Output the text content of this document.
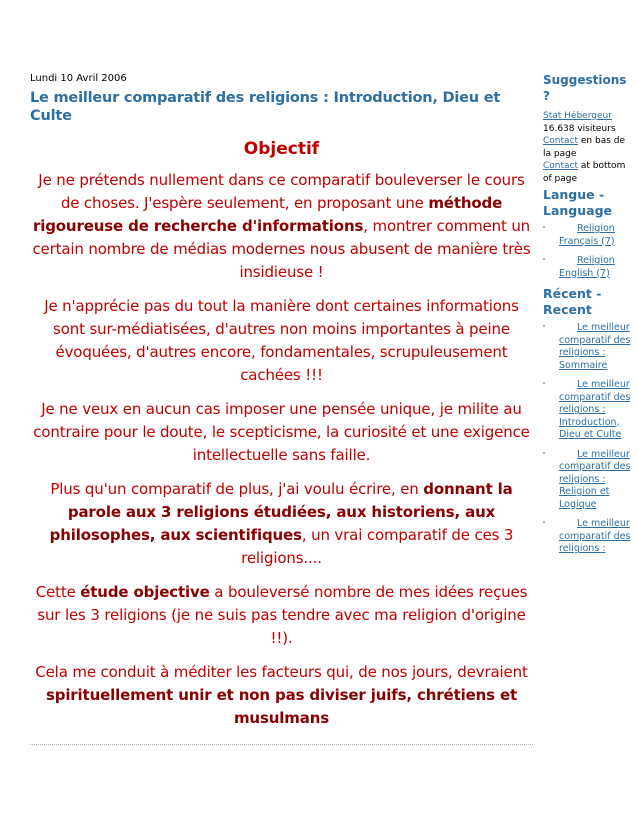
Lundi 10 Avril 2006
Le meilleur comparatif des religions : Introduction, Dieu et Culte
Objectif
Je ne prétends nullement dans ce comparatif bouleverser le cours de choses. J'espère seulement, en proposant une méthode rigoureuse de recherche d'informations, montrer comment un certain nombre de médias modernes nous abusent de manière très insidieuse !
Je n'apprécie pas du tout la manière dont certaines informations sont sur-médiatisées, d'autres non moins importantes à peine évoquées, d'autres encore, fondamentales, scrupuleusement cachées !!!
Je ne veux en aucun cas imposer une pensée unique, je milite au contraire pour le doute, le scepticisme, la curiosité et une exigence intellectuelle sans faille.
Plus qu'un comparatif de plus, j'ai voulu écrire, en donnant la parole aux 3 religions étudiées, aux historiens, aux philosophes, aux scientifiques, un vrai comparatif de ces 3 religions....
Cette étude objective a bouleversé nombre de mes idées reçues sur les 3 religions (je ne suis pas tendre avec ma religion d'origine !!).
Cela me conduit à méditer les facteurs qui, de nos jours, devraient spirituellement unir et non pas diviser juifs, chrétiens et musulmans
Suggestions ?
Stat Hébergeur
16.638 visiteurs
Contact en bas de la page
Contact at bottom of page
Langue - Language
Religion Français (7)
Religion English (7)
Récent - Recent
Le meilleur comparatif des religions : Sommaire
Le meilleur comparatif des religions : Introduction, Dieu et Culte
Le meilleur comparatif des religions : Religion et Logique
Le meilleur comparatif des religions :
